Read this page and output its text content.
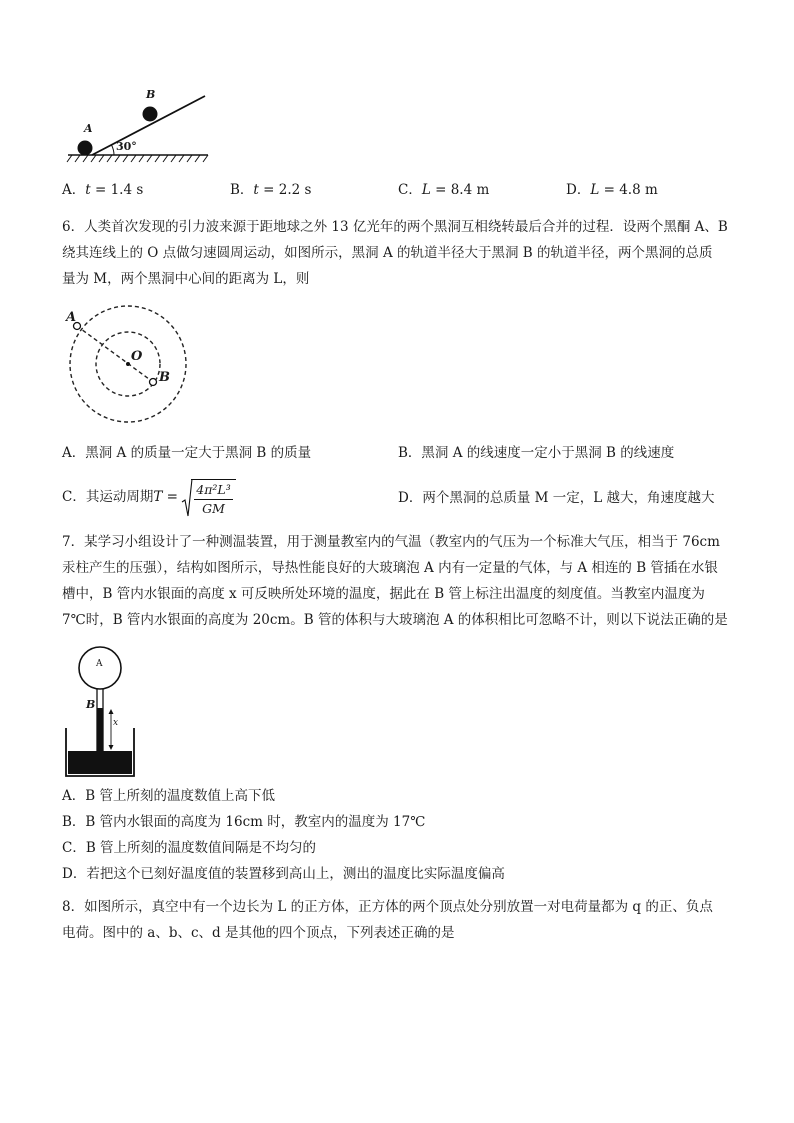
A
B
30°
A．t = 1.4 s	B．t = 2.2 s	C．L = 8.4 m	D．L = 4.8 m
6．人类首次发现的引力波来源于距地球之外 13 亿光年的两个黑洞互相绕转最后合并的过程．设两个黑酮 A、B
绕其连线上的 O 点做匀速圆周运动，如图所示，黑洞 A 的轨道半径大于黑洞 B 的轨道半径，两个黑洞的总质
量为 M，两个黑洞中心间的距离为 L，则
A
O
B
A．黑洞 A 的质量一定大于黑洞 B 的质量	B．黑洞 A 的线速度一定小于黑洞 B 的线速度
C．其运动周期$T = \frac{\text{4π²L³}}{GM}$	D．两个黑洞的总质量 M 一定，L 越大，角速度越大
7．某学习小组设计了一种测温装置，用于测量教室内的气温（教室内的气压为一个标准大气压，相当于 76cm
汞柱产生的压强），结构如图所示，导热性能良好的大玻璃泡 A 内有一定量的气体，与 A 相连的 B 管插在水银
槽中，B 管内水银面的高度 x 可反映所处环境的温度，据此在 B 管上标注出温度的刻度值。当教室内温度为
7℃时，B 管内水银面的高度为 20cm。B 管的体积与大玻璃泡 A 的体积相比可忽略不计，则以下说法正确的是
A
B
x
A．B 管上所刻的温度数值上高下低
B．B 管内水银面的高度为 16cm 时，教室内的温度为 17℃
C．B 管上所刻的温度数值间隔是不均匀的
D．若把这个已刻好温度值的装置移到高山上，测出的温度比实际温度偏高
8．如图所示，真空中有一个边长为 L 的正方体，正方体的两个顶点处分别放置一对电荷量都为 q 的正、负点
电荷。图中的 a、b、c、d 是其他的四个顶点，下列表述正确的是
